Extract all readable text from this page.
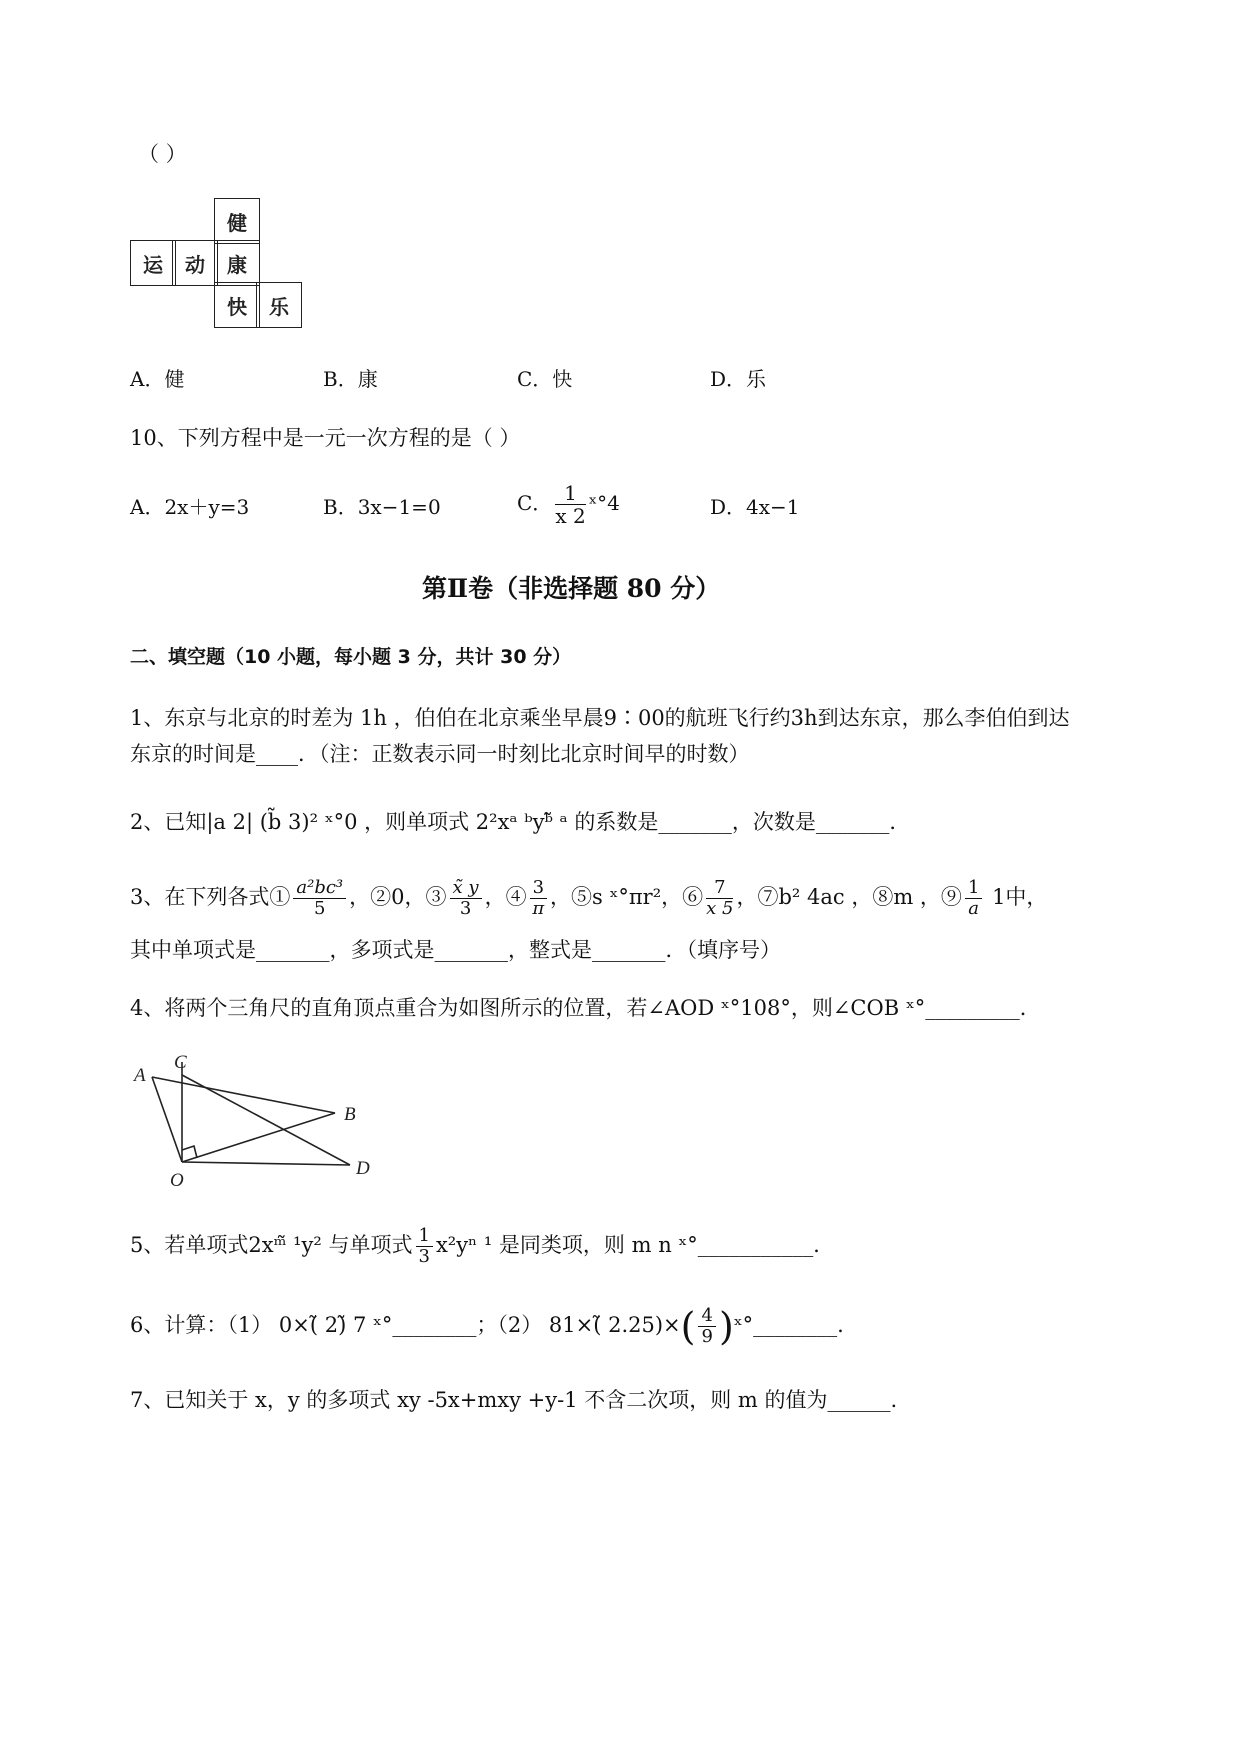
（ ）
健
运	动	康
快	乐
A．健	B．康	C．快	D．乐
10、下列方程中是一元一次方程的是（ ）
A．2x＋y=3	B．3x−1=0	C． $\frac{1}{x 2}$ ˣ°4	D．4x−1
第Ⅱ卷（非选择题 80 分）
二、填空题（10 小题，每小题 3 分，共计 30 分）
1、东京与北京的时差为 1h ，伯伯在北京乘坐早晨9∶00的航班飞行约3h到达东京，那么李伯伯到达
东京的时间是____．（注：正数表示同一时刻比北京时间早的时数）
2、已知|a 2| (b̃ 3)² ˣ°0 ，则单项式 2²xᵃ ᵇyᵇ̃ ᵃ 的系数是_______，次数是_______．
3、在下列各式① $\frac{\text{a²bc³}}{5}$ ，②0，③ $\frac{x̃ y}{3}$ ，④ $\frac{3}{\pi}$ ，⑤s ˣ°πr²，⑥ $\frac{7}{x 5}$ ，⑦b² 4ac ，⑧m ，⑨ $\frac{1}{a} 1$中，
其中单项式是_______，多项式是_______，整式是_______．（填序号）
4、将两个三角尺的直角顶点重合为如图所示的位置，若∠AOD ˣ°108°，则∠COB ˣ°_________．
A
C
B
D
O
5、若单项式2xᵐ̃ ¹y² 与单项式 $\frac{1}{3} x^2y^n$ ¹ 是同类项，则 m n ˣ°___________．
6、计算：（1） 0×(̃ 2)̃ 7 ˣ°________；（2） 81×(̃ $2.25)\times( \frac{4}{9}$ )ˣ°________.
7、已知关于 x，y 的多项式 xy -5x+mxy +y-1 不含二次项，则 m 的值为______.
